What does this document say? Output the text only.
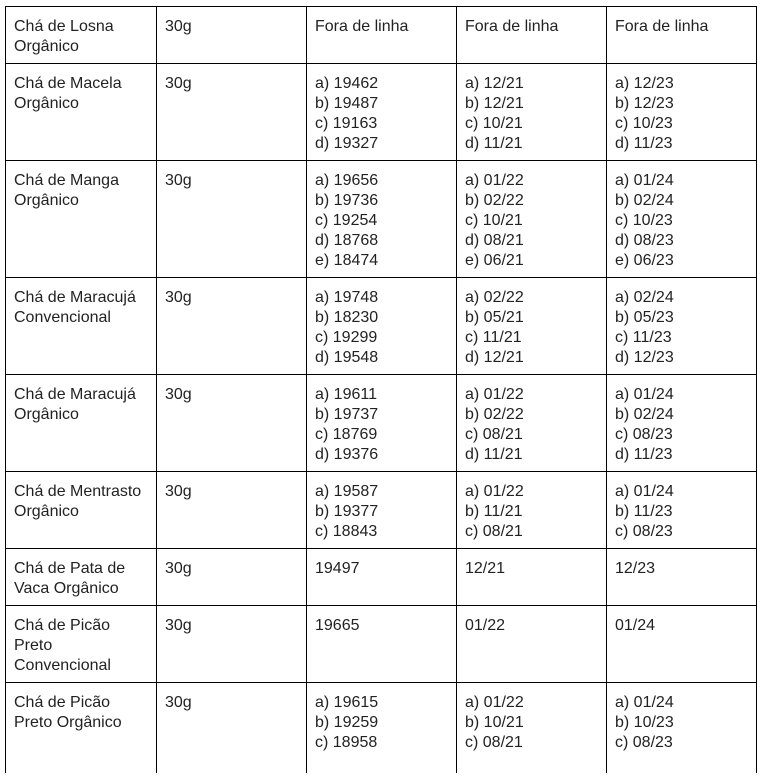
Chá de Losna
Orgânico	30g	Fora de linha	Fora de linha	Fora de linha
Chá de Macela
Orgânico	30g	a) 19462
b) 19487
c) 19163
d) 19327	a) 12/21
b) 12/21
c) 10/21
d) 11/21	a) 12/23
b) 12/23
c) 10/23
d) 11/23
Chá de Manga
Orgânico	30g	a) 19656
b) 19736
c) 19254
d) 18768
e) 18474	a) 01/22
b) 02/22
c) 10/21
d) 08/21
e) 06/21	a) 01/24
b) 02/24
c) 10/23
d) 08/23
e) 06/23
Chá de Maracujá
Convencional	30g	a) 19748
b) 18230
c) 19299
d) 19548	a) 02/22
b) 05/21
c) 11/21
d) 12/21	a) 02/24
b) 05/23
c) 11/23
d) 12/23
Chá de Maracujá
Orgânico	30g	a) 19611
b) 19737
c) 18769
d) 19376	a) 01/22
b) 02/22
c) 08/21
d) 11/21	a) 01/24
b) 02/24
c) 08/23
d) 11/23
Chá de Mentrasto
Orgânico	30g	a) 19587
b) 19377
c) 18843	a) 01/22
b) 11/21
c) 08/21	a) 01/24
b) 11/23
c) 08/23
Chá de Pata de
Vaca Orgânico	30g	19497	12/21	12/23
Chá de Picão
Preto
Convencional	30g	19665	01/22	01/24
Chá de Picão
Preto Orgânico	30g	a) 19615
b) 19259
c) 18958	a) 01/22
b) 10/21
c) 08/21	a) 01/24
b) 10/23
c) 08/23
